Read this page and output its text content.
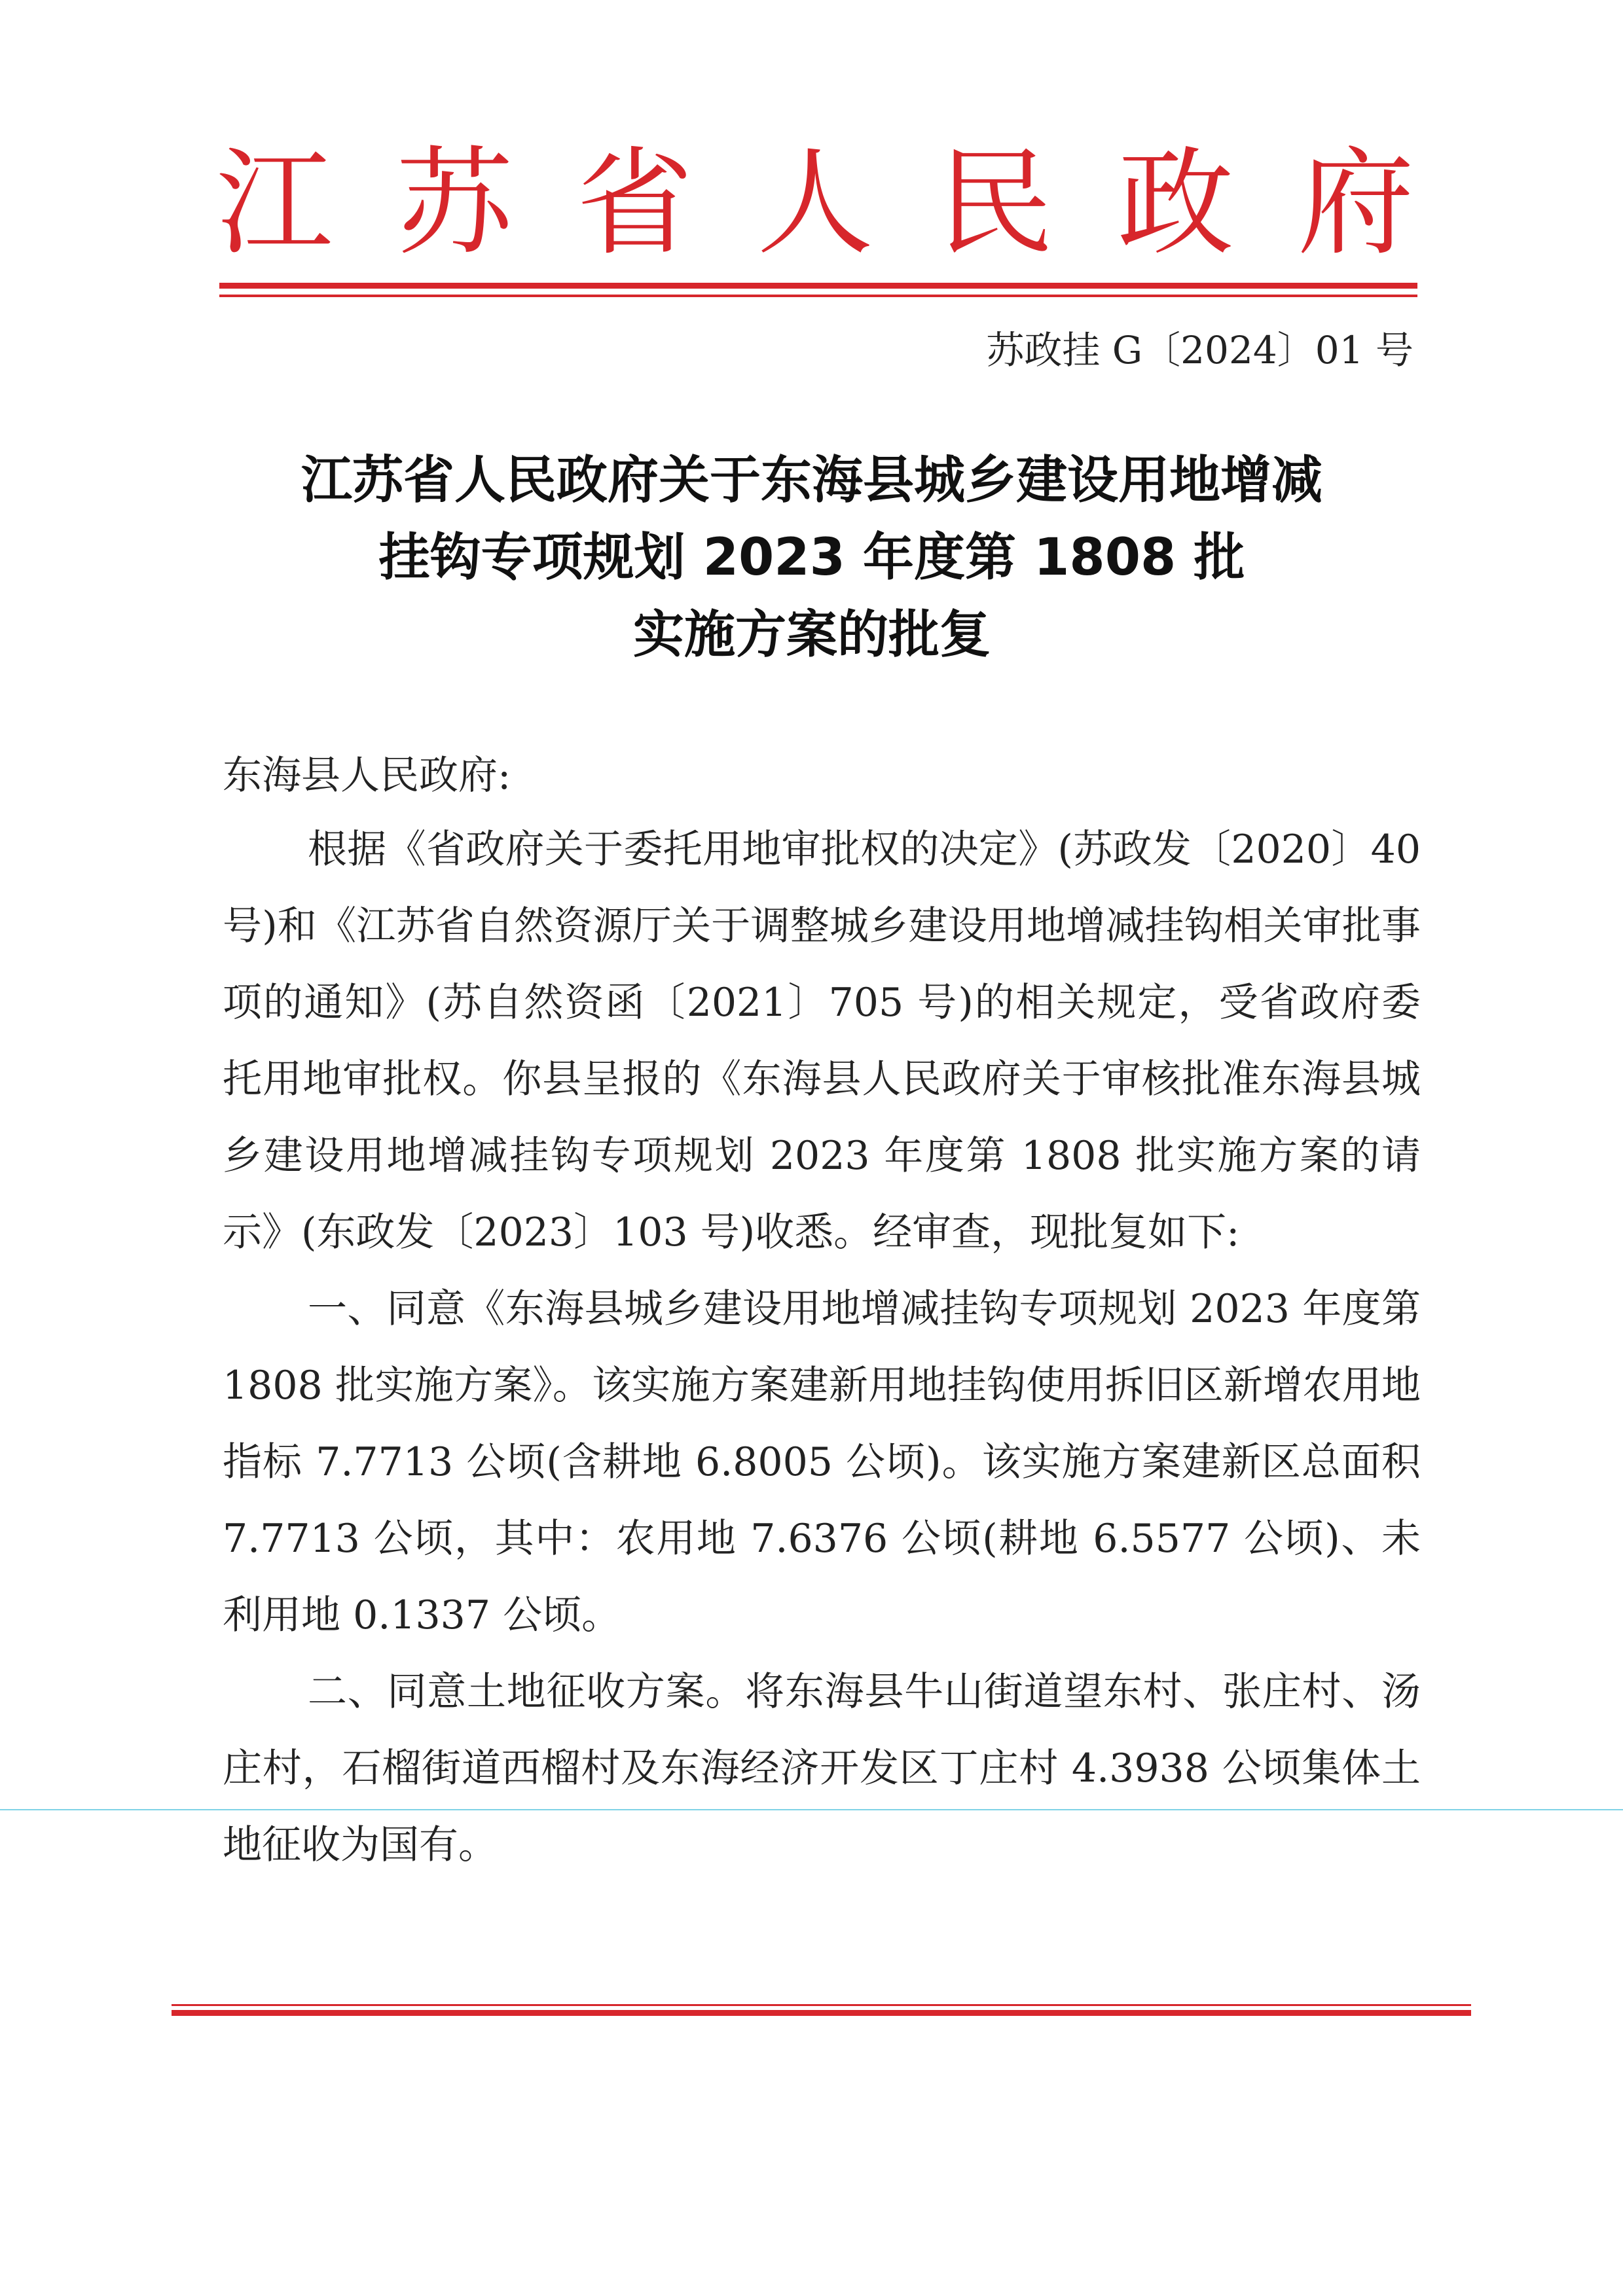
江 苏 省 人 民 政 府
苏政挂 G〔2024〕01 号
江苏省人民政府关于东海县城乡建设用地增减
挂钩专项规划 2023 年度第 1808 批
实施方案的批复
东海县人民政府:

根据《省政府关于委托用地审批权的决定》(苏政发〔2020〕40 号)和《江苏省自然资源厅关于调整城乡建设用地增减挂钩相关审批事项的通知》(苏自然资函〔2021〕705 号)的相关规定，受省政府委托用地审批权。你县呈报的《东海县人民政府关于审核批准东海县城乡建设用地增减挂钩专项规划 2023 年度第 1808 批实施方案的请示》(东政发〔2023〕103 号)收悉。经审查，现批复如下:

一、同意《东海县城乡建设用地增减挂钩专项规划 2023 年度第 1808 批实施方案》。该实施方案建新用地挂钩使用拆旧区新增农用地指标 7.7713 公顷(含耕地 6.8005 公顷)。该实施方案建新区总面积 7.7713 公顷，其中：农用地 7.6376 公顷(耕地 6.5577 公顷)、未利用地 0.1337 公顷。

二、同意土地征收方案。将东海县牛山街道望东村、张庄村、汤庄村，石榴街道西榴村及东海经济开发区丁庄村 4.3938 公顷集体土地征收为国有。
